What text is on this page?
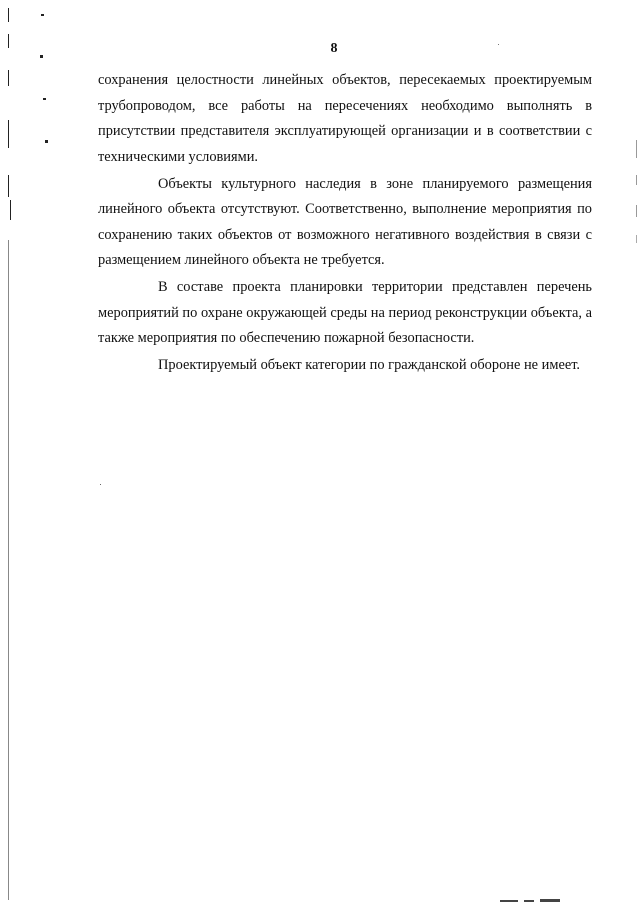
8

сохранения целостности линейных объектов, пересекаемых проектируемым трубопроводом, все работы на пересечениях необходимо выполнять в присутствии представителя эксплуатирующей организации и в соответствии с техническими условиями.

Объекты культурного наследия в зоне планируемого размещения линейного объекта отсутствуют. Соответственно, выполнение мероприятия по сохранению таких объектов от возможного негативного воздействия в связи с размещением линейного объекта не требуется.

В составе проекта планировки территории представлен перечень мероприятий по охране окружающей среды на период реконструкции объекта, а также мероприятия по обеспечению пожарной безопасности.

Проектируемый объект категории по гражданской обороне не имеет.
